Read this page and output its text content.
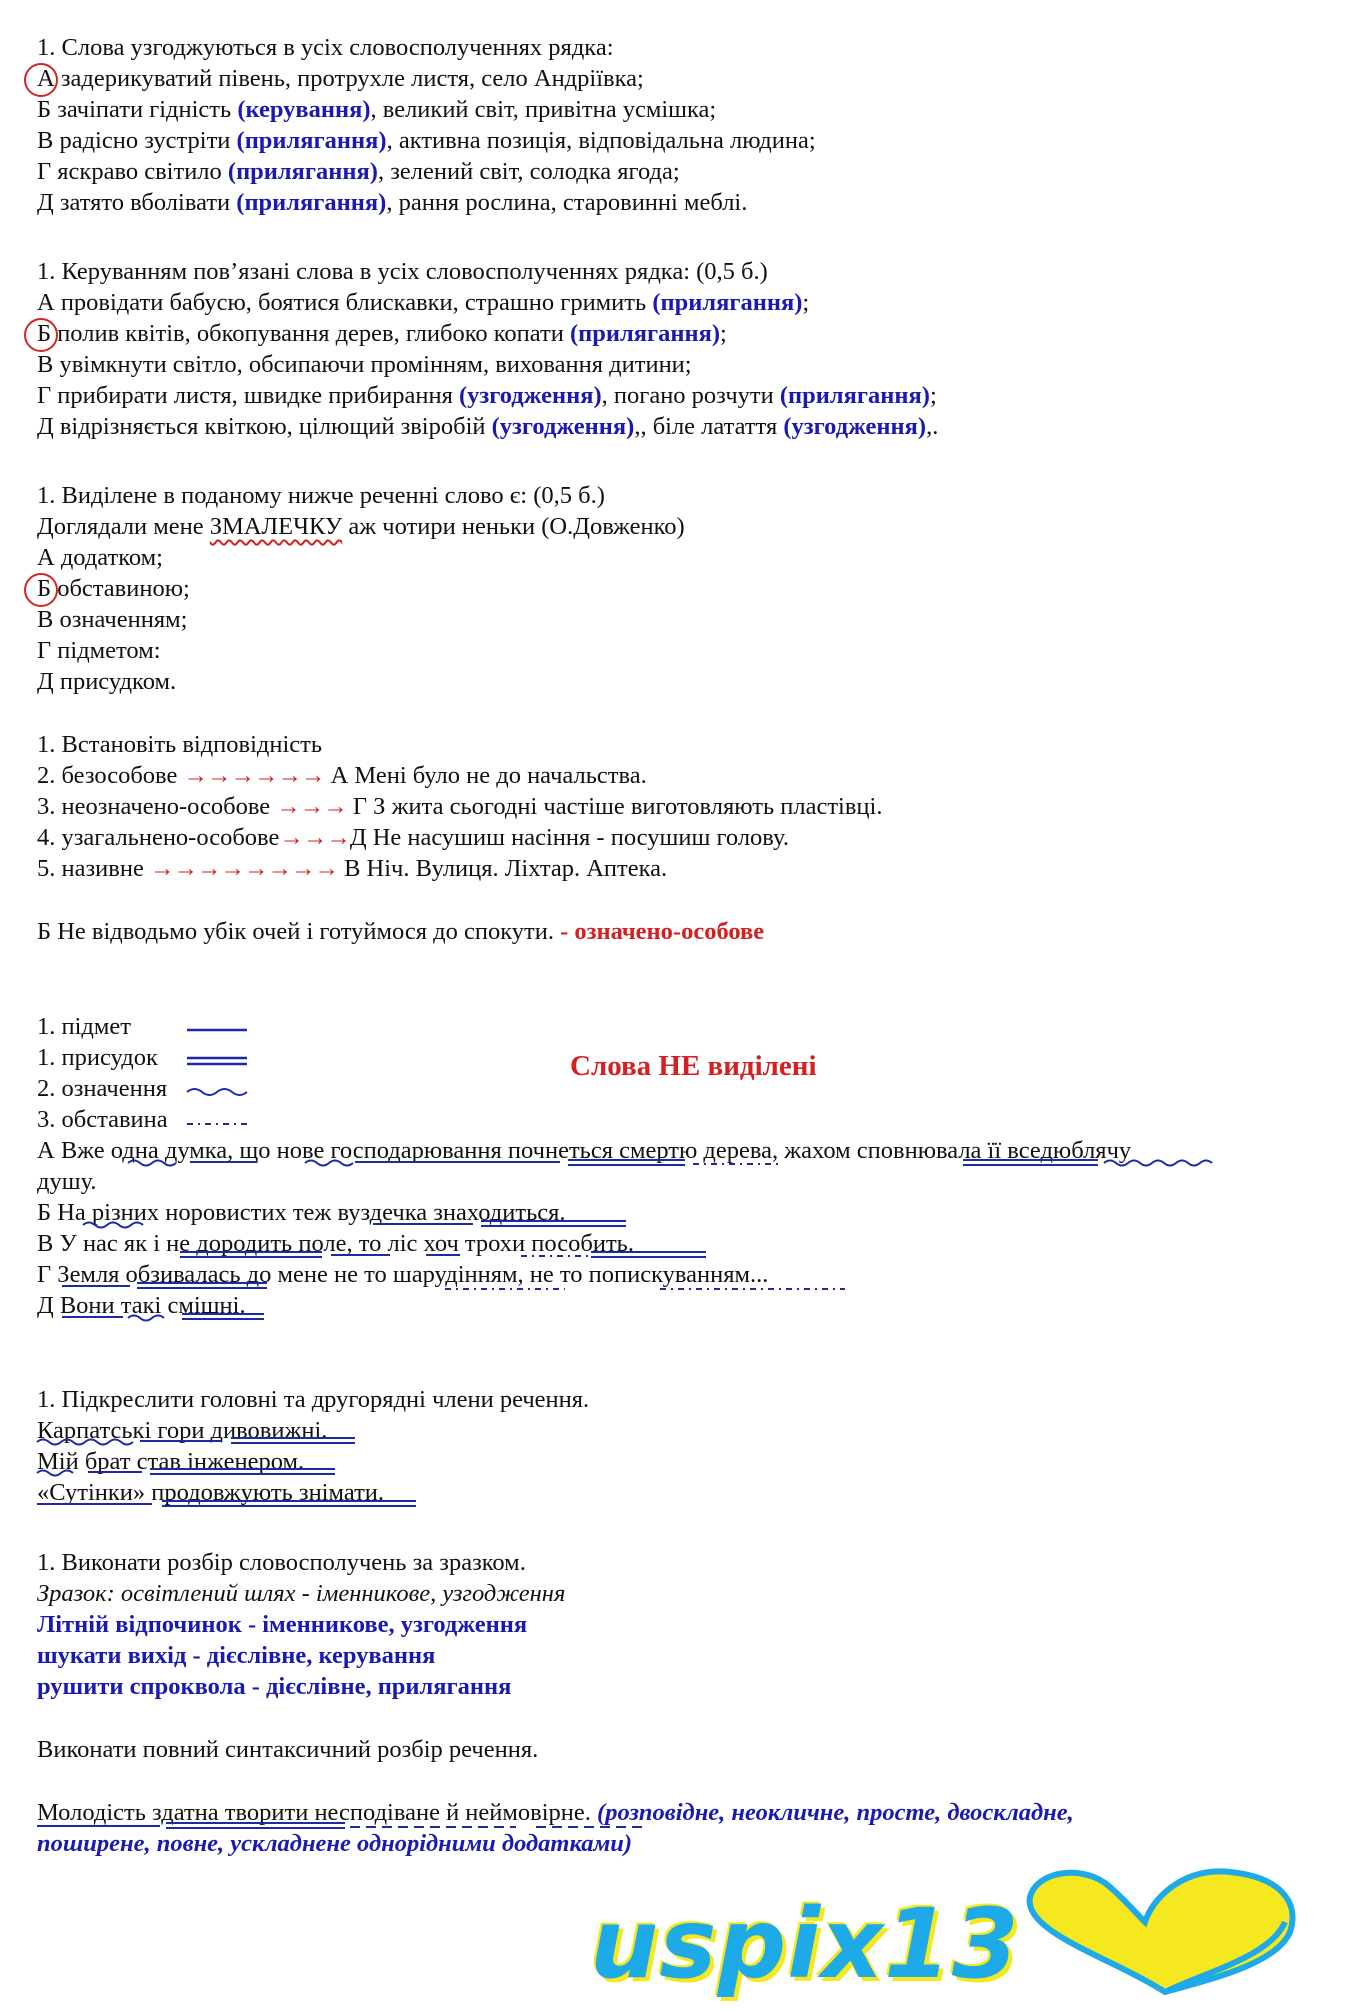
1. Слова узгоджуються в усіх словосполученнях рядка:
А задерикуватий півень, протрухле листя, село Андріївка;
Б зачіпати гідність (керування), великий світ, привітна усмішка;
В радісно зустріти (прилягання), активна позиція, відповідальна людина;
Г яскраво світило (прилягання), зелений світ, солодка ягода;
Д затято вболівати (прилягання), рання рослина, старовинні меблі.
1. Керуванням пов’язані слова в усіх словосполученнях рядка: (0,5 б.)
А провідати бабусю, боятися блискавки, страшно гримить (прилягання);
Б полив квітів, обкопування дерев, глибоко копати (прилягання);
В увімкнути світло, обсипаючи промінням, виховання дитини;
Г прибирати листя, швидке прибирання (узгодження), погано розчути (прилягання);
Д відрізняється квіткою, цілющий звіробій (узгодження),, біле латаття (узгодження),.
1. Виділене в поданому нижче реченні слово є: (0,5 б.)
Доглядали мене ЗМАЛЕЧКУ аж чотири неньки (О.Довженко)
А додатком;
Б обставиною;
В означенням;
Г підметом:
Д присудком.
1. Встановіть відповідність
2. безособове →→→→→→ А Мені було не до начальства.
3. неозначено-особове →→→ Г З жита сьогодні частіше виготовляють пластівці.
4. узагальнено-особове→→→Д Не насушиш насіння - посушиш голову.
5. називне →→→→→→→→ В Ніч. Вулиця. Ліхтар. Аптека.
Б Не відводьмо убік очей і готуймося до спокути. - означено-особове
1. підмет
1. присудок
2. означення
3. обставина
Слова НЕ виділені
А Вже одна думка, що нове господарювання почнеться смертю дерева, жахом сповнювала її вседюблячу
душу.
Б На різних норовистих теж вуздечка знаходиться.
В У нас як і не дородить поле, то ліс хоч трохи пособить.
Г Земля обзивалась до мене не то шарудінням, не то попискуванням...
Д Вони такі смішні.
1. Підкреслити головні та другорядні члени речення.
Карпатські гори дивовижні.
Мій брат став інженером.
«Сутінки» продовжують знімати.
1. Виконати розбір словосполучень за зразком.
Зразок: освітлений шлях - іменникове, узгодження
Літній відпочинок - іменникове, узгодження
шукати вихід - дієслівне, керування
рушити спроквола - дієслівне, прилягання
Виконати повний синтаксичний розбір речення.
Молодість здатна творити несподіване й неймовірне. (розповідне, неокличне, просте, двоскладне,
поширене, повне, ускладнене однорідними додатками)
uspix13
